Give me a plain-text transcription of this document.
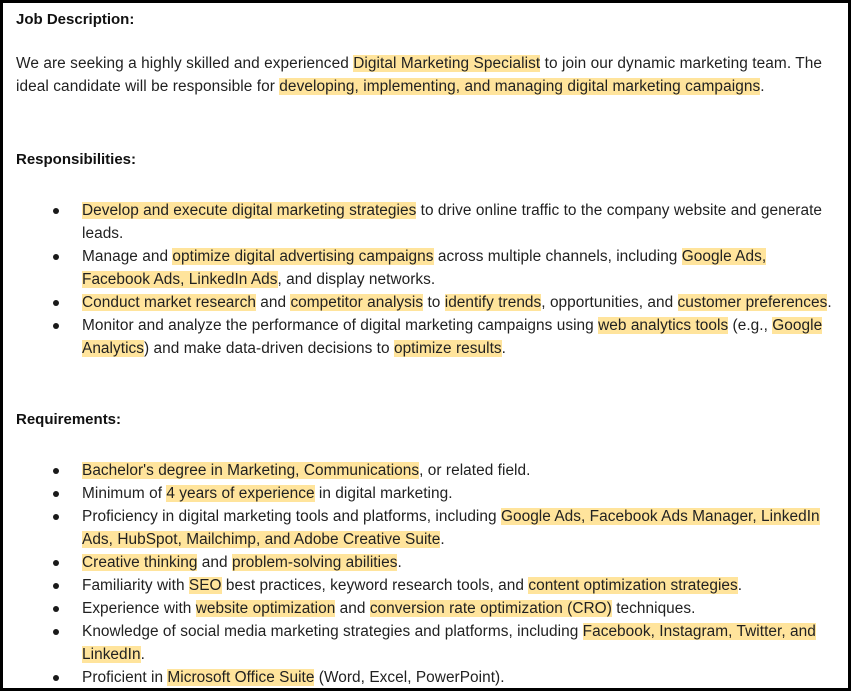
Job Description:
We are seeking a highly skilled and experienced Digital Marketing Specialist to join our dynamic marketing team. The ideal candidate will be responsible for developing, implementing, and managing digital marketing campaigns.
Responsibilities:
Develop and execute digital marketing strategies to drive online traffic to the company website and generate leads.
Manage and optimize digital advertising campaigns across multiple channels, including Google Ads, Facebook Ads, LinkedIn Ads, and display networks.
Conduct market research and competitor analysis to identify trends, opportunities, and customer preferences.
Monitor and analyze the performance of digital marketing campaigns using web analytics tools (e.g., Google Analytics) and make data-driven decisions to optimize results.
Requirements:
Bachelor's degree in Marketing, Communications, or related field.
Minimum of 4 years of experience in digital marketing.
Proficiency in digital marketing tools and platforms, including Google Ads, Facebook Ads Manager, LinkedIn Ads, HubSpot, Mailchimp, and Adobe Creative Suite.
Creative thinking and problem-solving abilities.
Familiarity with SEO best practices, keyword research tools, and content optimization strategies.
Experience with website optimization and conversion rate optimization (CRO) techniques.
Knowledge of social media marketing strategies and platforms, including Facebook, Instagram, Twitter, and LinkedIn.
Proficient in Microsoft Office Suite (Word, Excel, PowerPoint).
